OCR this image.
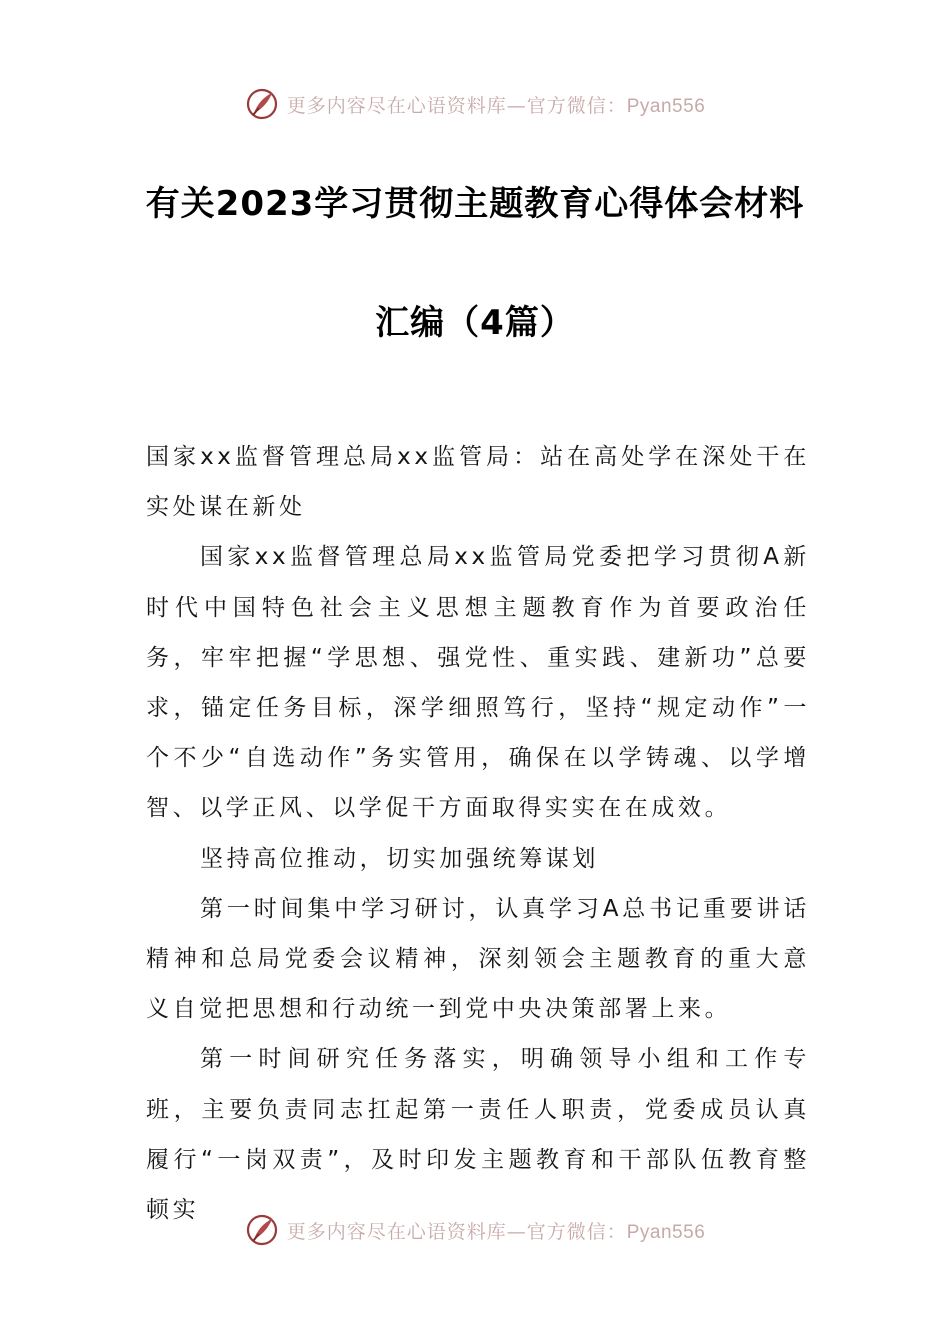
更多内容尽在心语资料库—官方微信：Pyan556
有关2023学习贯彻主题教育心得体会材料
汇编（4篇）

国家xx监督管理总局xx监管局：站在高处学在深处干在实处谋在新处

国家xx监督管理总局xx监管局党委把学习贯彻A新时代中国特色社会主义思想主题教育作为首要政治任务，牢牢把握“学思想、强党性、重实践、建新功”总要求，锚定任务目标，深学细照笃行，坚持“规定动作”一个不少“自选动作”务实管用，确保在以学铸魂、以学增智、以学正风、以学促干方面取得实实在在成效。

坚持高位推动，切实加强统筹谋划

第一时间集中学习研讨，认真学习A总书记重要讲话精神和总局党委会议精神，深刻领会主题教育的重大意义自觉把思想和行动统一到党中央决策部署上来。

第一时间研究任务落实，明确领导小组和工作专班，主要负责同志扛起第一责任人职责，党委成员认真履行“一岗双责”，及时印发主题教育和干部队伍教育整顿实

更多内容尽在心语资料库—官方微信：Pyan556
